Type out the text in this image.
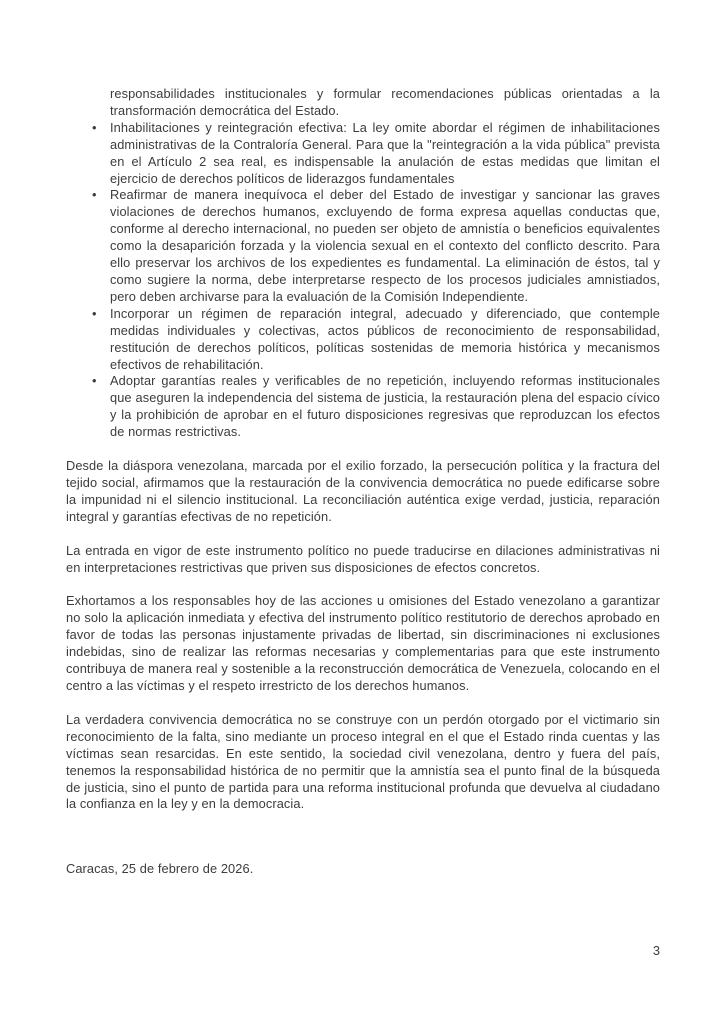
responsabilidades institucionales y formular recomendaciones públicas orientadas a la transformación democrática del Estado.
• Inhabilitaciones y reintegración efectiva: La ley omite abordar el régimen de inhabilitaciones administrativas de la Contraloría General. Para que la "reintegración a la vida pública" prevista en el Artículo 2 sea real, es indispensable la anulación de estas medidas que limitan el ejercicio de derechos políticos de liderazgos fundamentales
• Reafirmar de manera inequívoca el deber del Estado de investigar y sancionar las graves violaciones de derechos humanos, excluyendo de forma expresa aquellas conductas que, conforme al derecho internacional, no pueden ser objeto de amnistía o beneficios equivalentes como la desaparición forzada y la violencia sexual en el contexto del conflicto descrito. Para ello preservar los archivos de los expedientes es fundamental. La eliminación de éstos, tal y como sugiere la norma, debe interpretarse respecto de los procesos judiciales amnistiados, pero deben archivarse para la evaluación de la Comisión Independiente.
• Incorporar un régimen de reparación integral, adecuado y diferenciado, que contemple medidas individuales y colectivas, actos públicos de reconocimiento de responsabilidad, restitución de derechos políticos, políticas sostenidas de memoria histórica y mecanismos efectivos de rehabilitación.
• Adoptar garantías reales y verificables de no repetición, incluyendo reformas institucionales que aseguren la independencia del sistema de justicia, la restauración plena del espacio cívico y la prohibición de aprobar en el futuro disposiciones regresivas que reproduzcan los efectos de normas restrictivas.

Desde la diáspora venezolana, marcada por el exilio forzado, la persecución política y la fractura del tejido social, afirmamos que la restauración de la convivencia democrática no puede edificarse sobre la impunidad ni el silencio institucional. La reconciliación auténtica exige verdad, justicia, reparación integral y garantías efectivas de no repetición.

La entrada en vigor de este instrumento político no puede traducirse en dilaciones administrativas ni en interpretaciones restrictivas que priven sus disposiciones de efectos concretos.

Exhortamos a los responsables hoy de las acciones u omisiones del Estado venezolano a garantizar no solo la aplicación inmediata y efectiva del instrumento político restitutorio de derechos aprobado en favor de todas las personas injustamente privadas de libertad, sin discriminaciones ni exclusiones indebidas, sino de realizar las reformas necesarias y complementarias para que este instrumento contribuya de manera real y sostenible a la reconstrucción democrática de Venezuela, colocando en el centro a las víctimas y el respeto irrestricto de los derechos humanos.

La verdadera convivencia democrática no se construye con un perdón otorgado por el victimario sin reconocimiento de la falta, sino mediante un proceso integral en el que el Estado rinda cuentas y las víctimas sean resarcidas. En este sentido, la sociedad civil venezolana, dentro y fuera del país, tenemos la responsabilidad histórica de no permitir que la amnistía sea el punto final de la búsqueda de justicia, sino el punto de partida para una reforma institucional profunda que devuelva al ciudadano la confianza en la ley y en la democracia.

Caracas, 25 de febrero de 2026.

3
